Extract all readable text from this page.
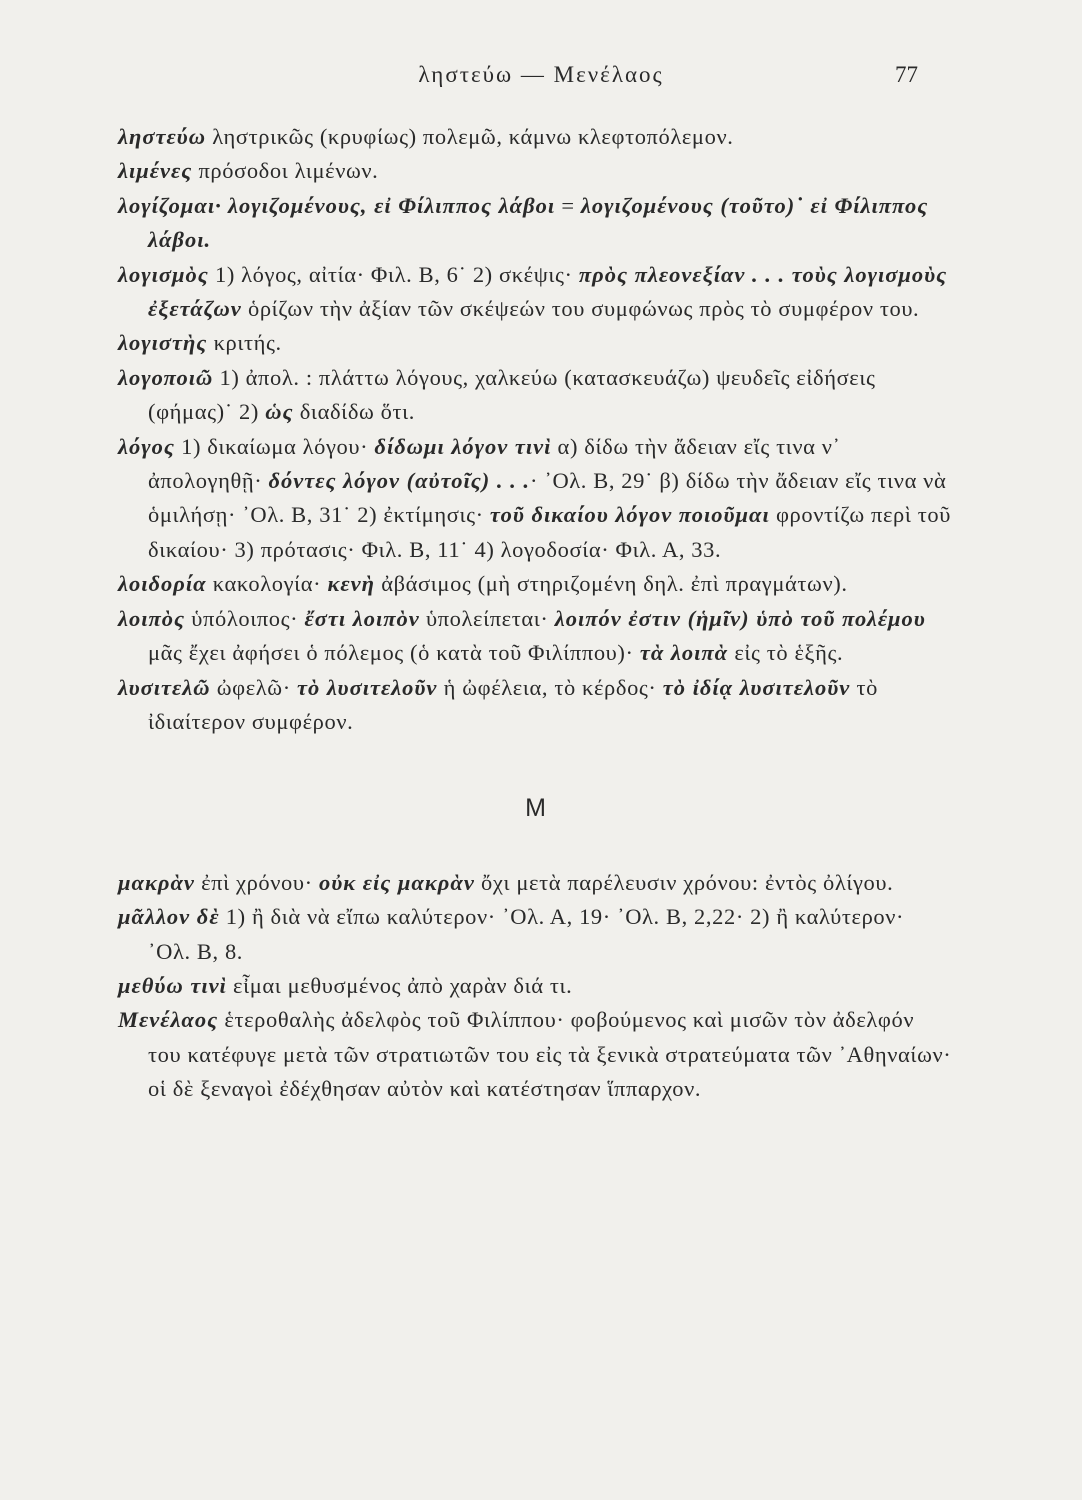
ληστεύω — Μενέλαος	77

ληστεύω ληστρικῶς (κρυφίως) πολεμῶ, κάμνω κλεφτοπόλεμον.

λιμένες πρόσοδοι λιμένων.

λογίζομαι· λογιζομένους, εἰ Φίλιππος λάβοι = λογιζομένους (τοῦτο)˙ εἰ Φίλιππος λάβοι.

λογισμὸς 1) λόγος, αἰτία· Φιλ. Β, 6˙ 2) σκέψις· πρὸς πλεονεξίαν . . . τοὺς λογισμοὺς ἐξετάζων ὁρίζων τὴν ἀξίαν τῶν σκέψεών του συμφώνως πρὸς τὸ συμφέρον του.

λογιστὴς κριτής.

λογοποιῶ 1) ἀπολ. : πλάττω λόγους, χαλκεύω (κατασκευάζω) ψευδεῖς εἰδήσεις (φήμας)˙ 2) ὡς διαδίδω ὅτι.

λόγος 1) δικαίωμα λόγου· δίδωμι λόγον τινὶ α) δίδω τὴν ἄδειαν εἴς τινα ν᾿ ἀπολογηθῇ· δόντες λόγον (αὐτοῖς) . . .· ᾿Ολ. Β, 29˙ β) δίδω τὴν ἄδειαν εἴς τινα νὰ ὁμιλήσῃ· ᾿Ολ. Β, 31˙ 2) ἐκτίμησις· τοῦ δικαίου λόγον ποιοῦμαι φροντίζω περὶ τοῦ δικαίου· 3) πρότασις· Φιλ. Β, 11˙ 4) λογοδοσία· Φιλ. Α, 33.

λοιδορία κακολογία· κενὴ ἀβάσιμος (μὴ στηριζομένη δηλ. ἐπὶ πραγμάτων).

λοιπὸς ὑπόλοιπος· ἔστι λοιπὸν ὑπολείπεται· λοιπόν ἐστιν (ἡμῖν) ὑπὸ τοῦ πολέμου μᾶς ἔχει ἀφήσει ὁ πόλεμος (ὁ κατὰ τοῦ Φιλίππου)· τὰ λοιπὰ εἰς τὸ ἑξῆς.

λυσιτελῶ ὠφελῶ· τὸ λυσιτελοῦν ἡ ὠφέλεια, τὸ κέρδος· τὸ ἰδίᾳ λυσιτελοῦν τὸ ἰδιαίτερον συμφέρον.

Μ

μακρὰν ἐπὶ χρόνου· οὐκ εἰς μακρὰν ὄχι μετὰ παρέλευσιν χρόνου: ἐντὸς ὀλίγου.

μᾶλλον δὲ 1) ἢ διὰ νὰ εἴπω καλύτερον· ᾿Ολ. Α, 19· ᾿Ολ. Β, 2,22· 2) ἢ καλύτερον· ᾿Ολ. Β, 8.

μεθύω τινὶ εἶμαι μεθυσμένος ἀπὸ χαρὰν διά τι.

Μενέλαος ἑτεροθαλὴς ἀδελφὸς τοῦ Φιλίππου· φοβούμενος καὶ μισῶν τὸν ἀδελφόν του κατέφυγε μετὰ τῶν στρατιωτῶν του εἰς τὰ ξενικὰ στρατεύματα τῶν ᾿Αθηναίων· οἱ δὲ ξεναγοὶ ἐδέχθησαν αὐτὸν καὶ κατέστησαν ἵππαρχον.
